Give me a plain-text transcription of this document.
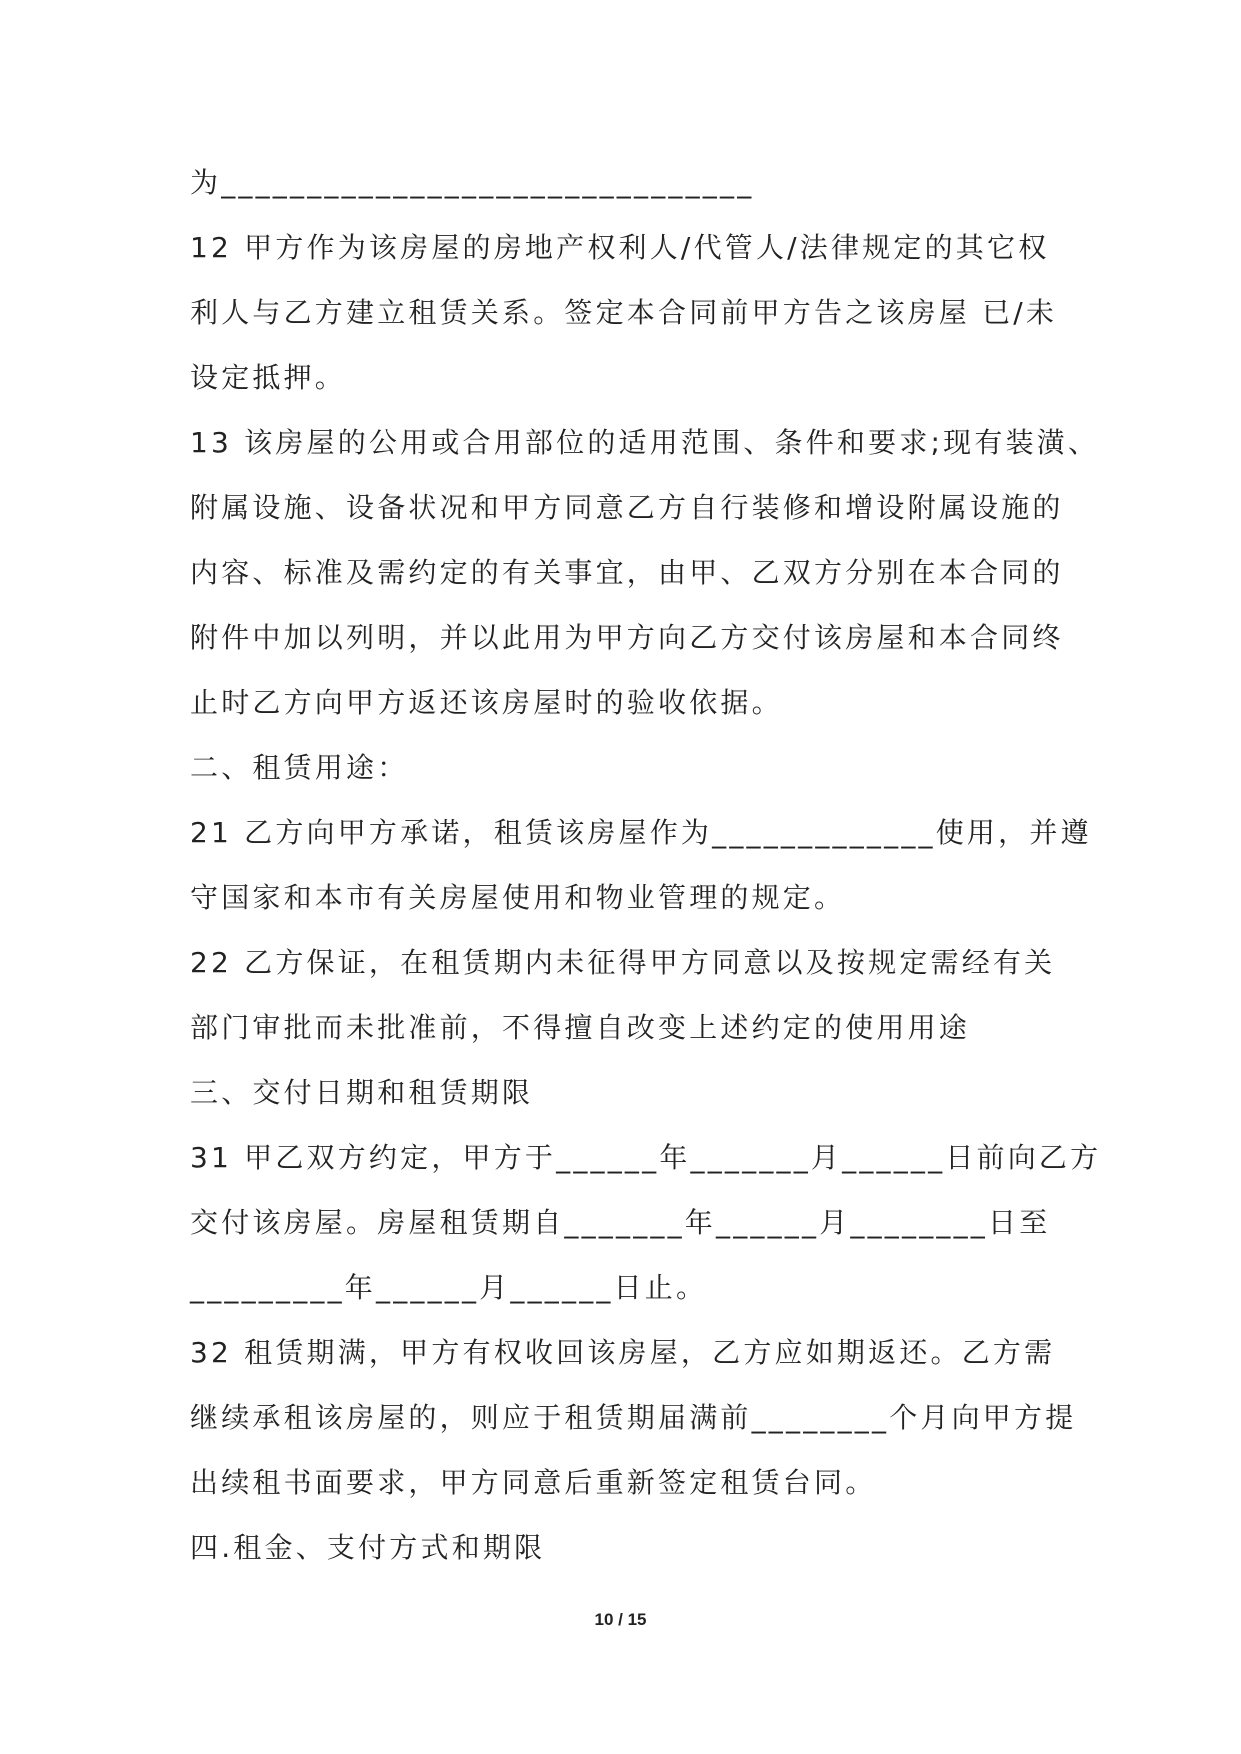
为_______________________________
12 甲方作为该房屋的房地产权利人/代管人/法律规定的其它权
利人与乙方建立租赁关系。签定本合同前甲方告之该房屋 已/未
设定抵押。
13 该房屋的公用或合用部位的适用范围、条件和要求;现有装潢、
附属设施、设备状况和甲方同意乙方自行装修和增设附属设施的
内容、标准及需约定的有关事宜，由甲、乙双方分别在本合同的
附件中加以列明，并以此用为甲方向乙方交付该房屋和本合同终
止时乙方向甲方返还该房屋时的验收依据。
二、租赁用途：
21 乙方向甲方承诺，租赁该房屋作为_____________使用，并遵
守国家和本市有关房屋使用和物业管理的规定。
22 乙方保证，在租赁期内未征得甲方同意以及按规定需经有关
部门审批而未批准前，不得擅自改变上述约定的使用用途
三、交付日期和租赁期限
31 甲乙双方约定，甲方于______年_______月______日前向乙方
交付该房屋。房屋租赁期自_______年______月________日至
_________年______月______日止。
32 租赁期满，甲方有权收回该房屋，乙方应如期返还。乙方需
继续承租该房屋的，则应于租赁期届满前________个月向甲方提
出续租书面要求，甲方同意后重新签定租赁台同。
四.租金、支付方式和期限
10 / 15
